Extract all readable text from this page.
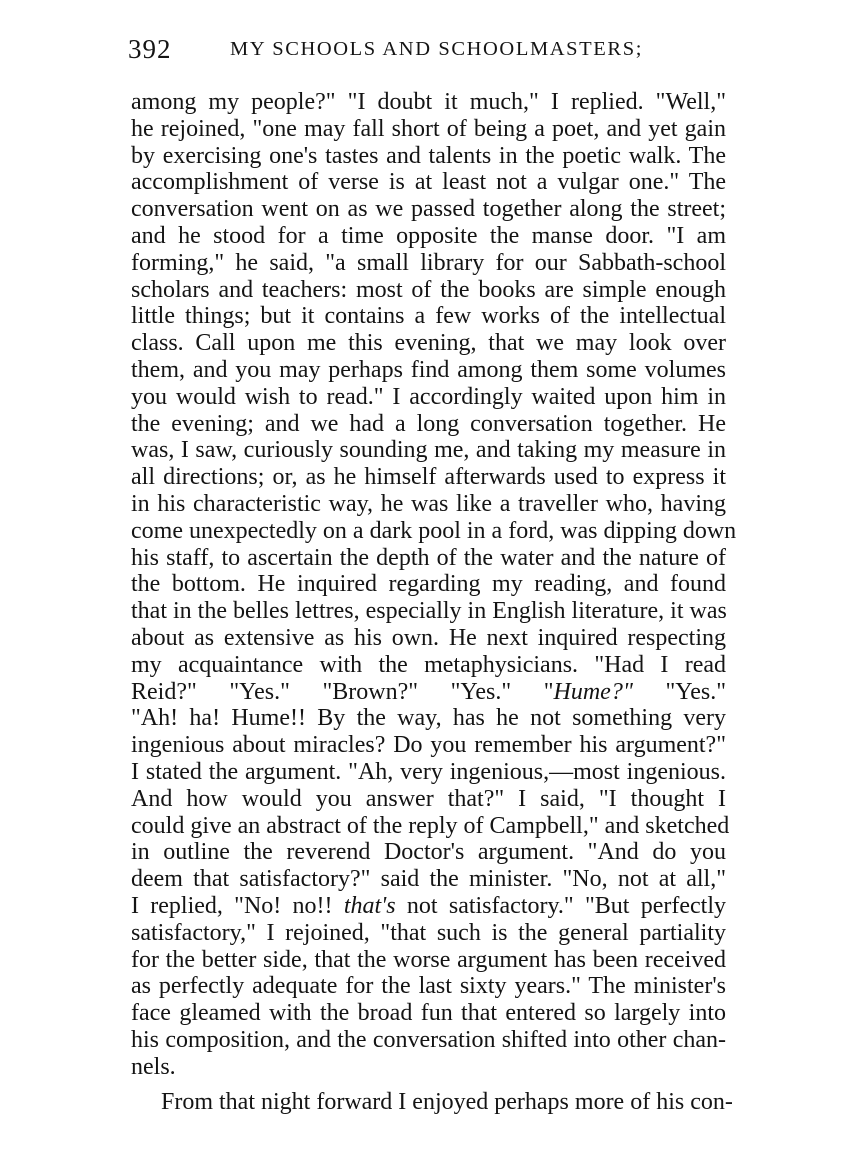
392	MY SCHOOLS AND SCHOOLMASTERS;
among my people?" "I doubt it much," I replied. "Well,"
he rejoined, "one may fall short of being a poet, and yet gain
by exercising one's tastes and talents in the poetic walk. The
accomplishment of verse is at least not a vulgar one." The
conversation went on as we passed together along the street;
and he stood for a time opposite the manse door. "I am
forming," he said, "a small library for our Sabbath-school
scholars and teachers: most of the books are simple enough
little things; but it contains a few works of the intellectual
class. Call upon me this evening, that we may look over
them, and you may perhaps find among them some volumes
you would wish to read." I accordingly waited upon him in
the evening; and we had a long conversation together. He
was, I saw, curiously sounding me, and taking my measure in
all directions; or, as he himself afterwards used to express it
in his characteristic way, he was like a traveller who, having
come unexpectedly on a dark pool in a ford, was dipping down
his staff, to ascertain the depth of the water and the nature of
the bottom. He inquired regarding my reading, and found
that in the belles lettres, especially in English literature, it was
about as extensive as his own. He next inquired respecting
my acquaintance with the metaphysicians. "Had I read
Reid?" "Yes." "Brown?" "Yes." "Hume?" "Yes."
"Ah! ha! Hume!! By the way, has he not something very
ingenious about miracles? Do you remember his argument?"
I stated the argument. "Ah, very ingenious,—most ingenious.
And how would you answer that?" I said, "I thought I
could give an abstract of the reply of Campbell," and sketched
in outline the reverend Doctor's argument. "And do you
deem that satisfactory?" said the minister. "No, not at all,"
I replied, "No! no!! that's not satisfactory." "But perfectly
satisfactory," I rejoined, "that such is the general partiality
for the better side, that the worse argument has been received
as perfectly adequate for the last sixty years." The minister's
face gleamed with the broad fun that entered so largely into
his composition, and the conversation shifted into other chan-
nels.
From that night forward I enjoyed perhaps more of his con-
